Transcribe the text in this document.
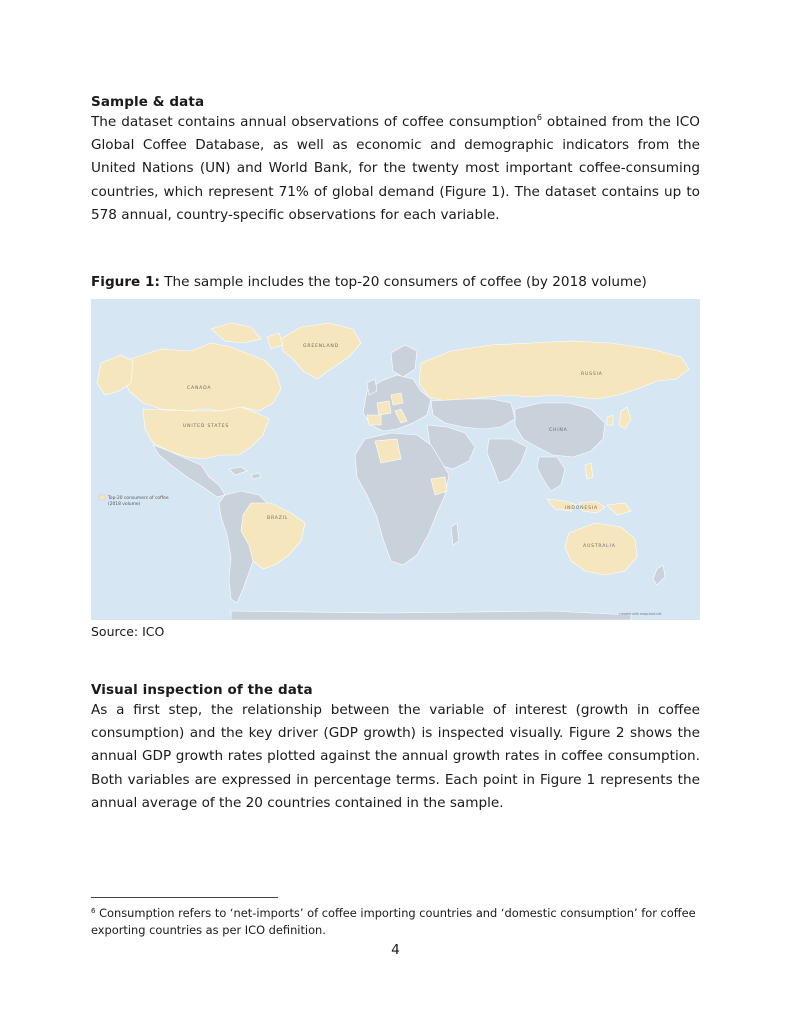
Sample & data

The dataset contains annual observations of coffee consumption$^6$ obtained from the ICO Global Coffee Database, as well as economic and demographic indicators from the United Nations (UN) and World Bank, for the twenty most important coffee-consuming countries, which represent 71% of global demand (Figure 1). The dataset contains up to 578 annual, country-specific observations for each variable.

Figure 1: The sample includes the top-20 consumers of coffee (by 2018 volume)
GREENLAND
CANADA
UNITED STATES
RUSSIA
CHINA
BRAZIL
INDONESIA
AUSTRALIA
Top-20 consumers of coffee
(2018 volume)
created with mapchart.net
Source: ICO
Visual inspection of the data

As a first step, the relationship between the variable of interest (growth in coffee consumption) and the key driver (GDP growth) is inspected visually. Figure 2 shows the annual GDP growth rates plotted against the annual growth rates in coffee consumption. Both variables are expressed in percentage terms. Each point in Figure 1 represents the annual average of the 20 countries contained in the sample.

$^6$ Consumption refers to ‘net-imports’ of coffee importing countries and ‘domestic consumption’ for coffee exporting countries as per ICO definition.

4
